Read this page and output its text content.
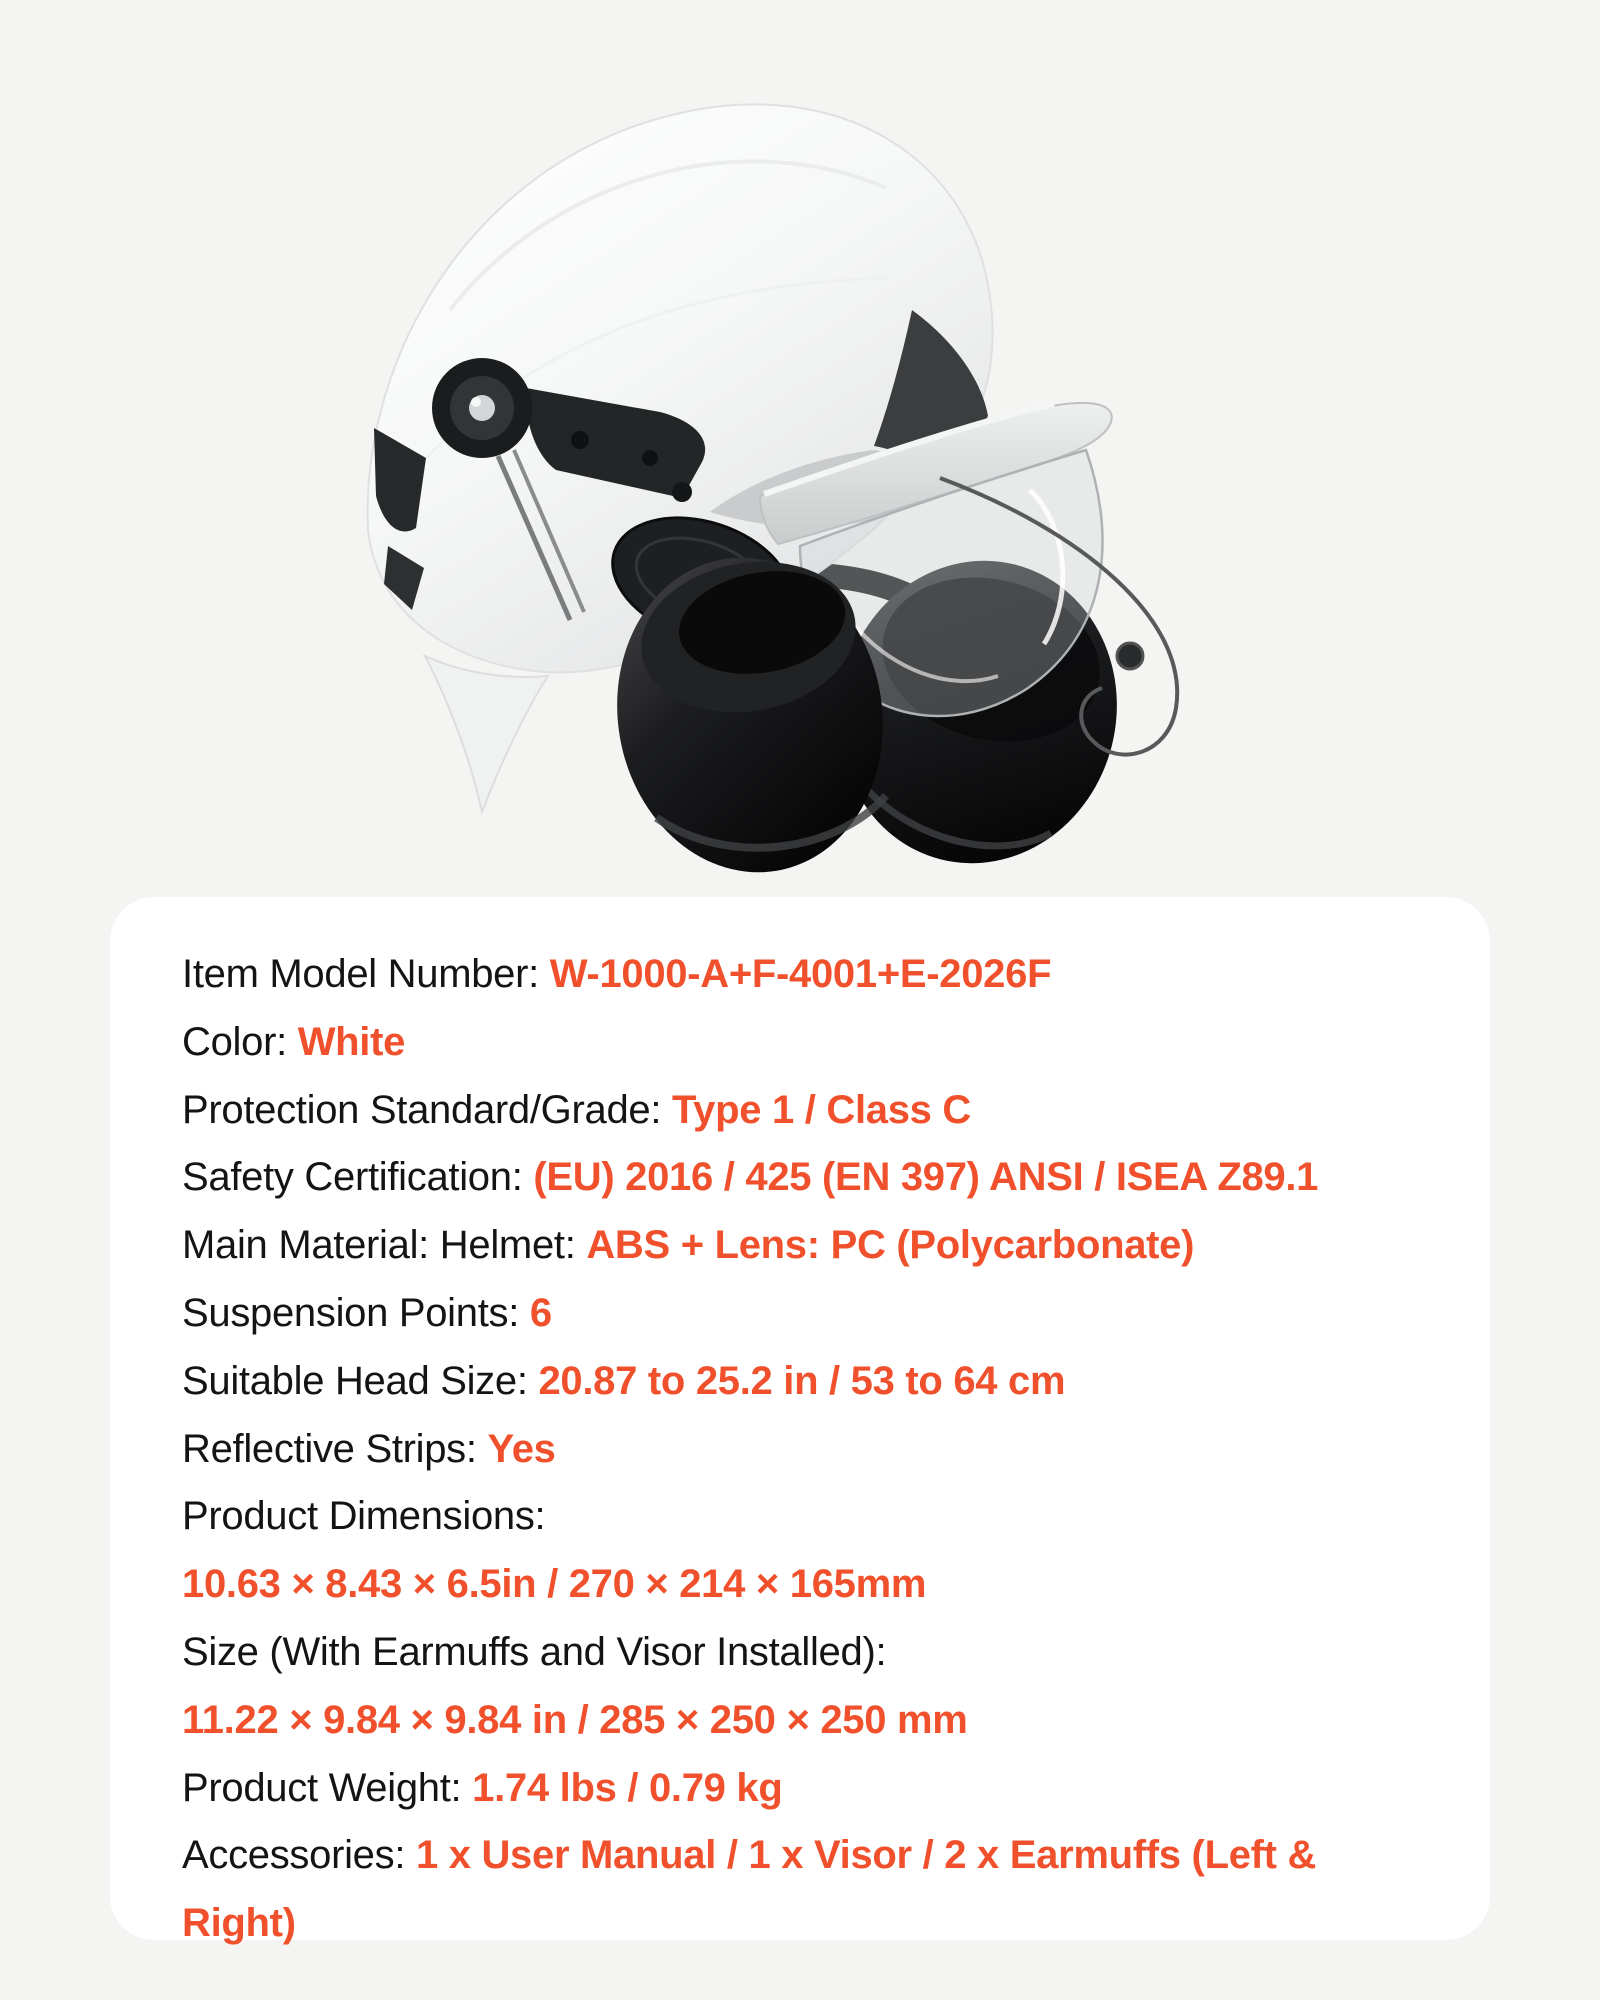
Item Model Number: W-1000-A+F-4001+E-2026F

Color: White

Protection Standard/Grade: Type 1 / Class C

Safety Certification: (EU) 2016 / 425 (EN 397) ANSI / ISEA Z89.1

Main Material: Helmet: ABS + Lens: PC (Polycarbonate)

Suspension Points: 6

Suitable Head Size: 20.87 to 25.2 in / 53 to 64 cm

Reflective Strips: Yes

Product Dimensions:

10.63 × 8.43 × 6.5in / 270 × 214 × 165mm

Size (With Earmuffs and Visor Installed):

11.22 × 9.84 × 9.84 in / 285 × 250 × 250 mm

Product Weight: 1.74 lbs / 0.79 kg

Accessories: 1 x User Manual / 1 x Visor / 2 x Earmuffs (Left & Right)
